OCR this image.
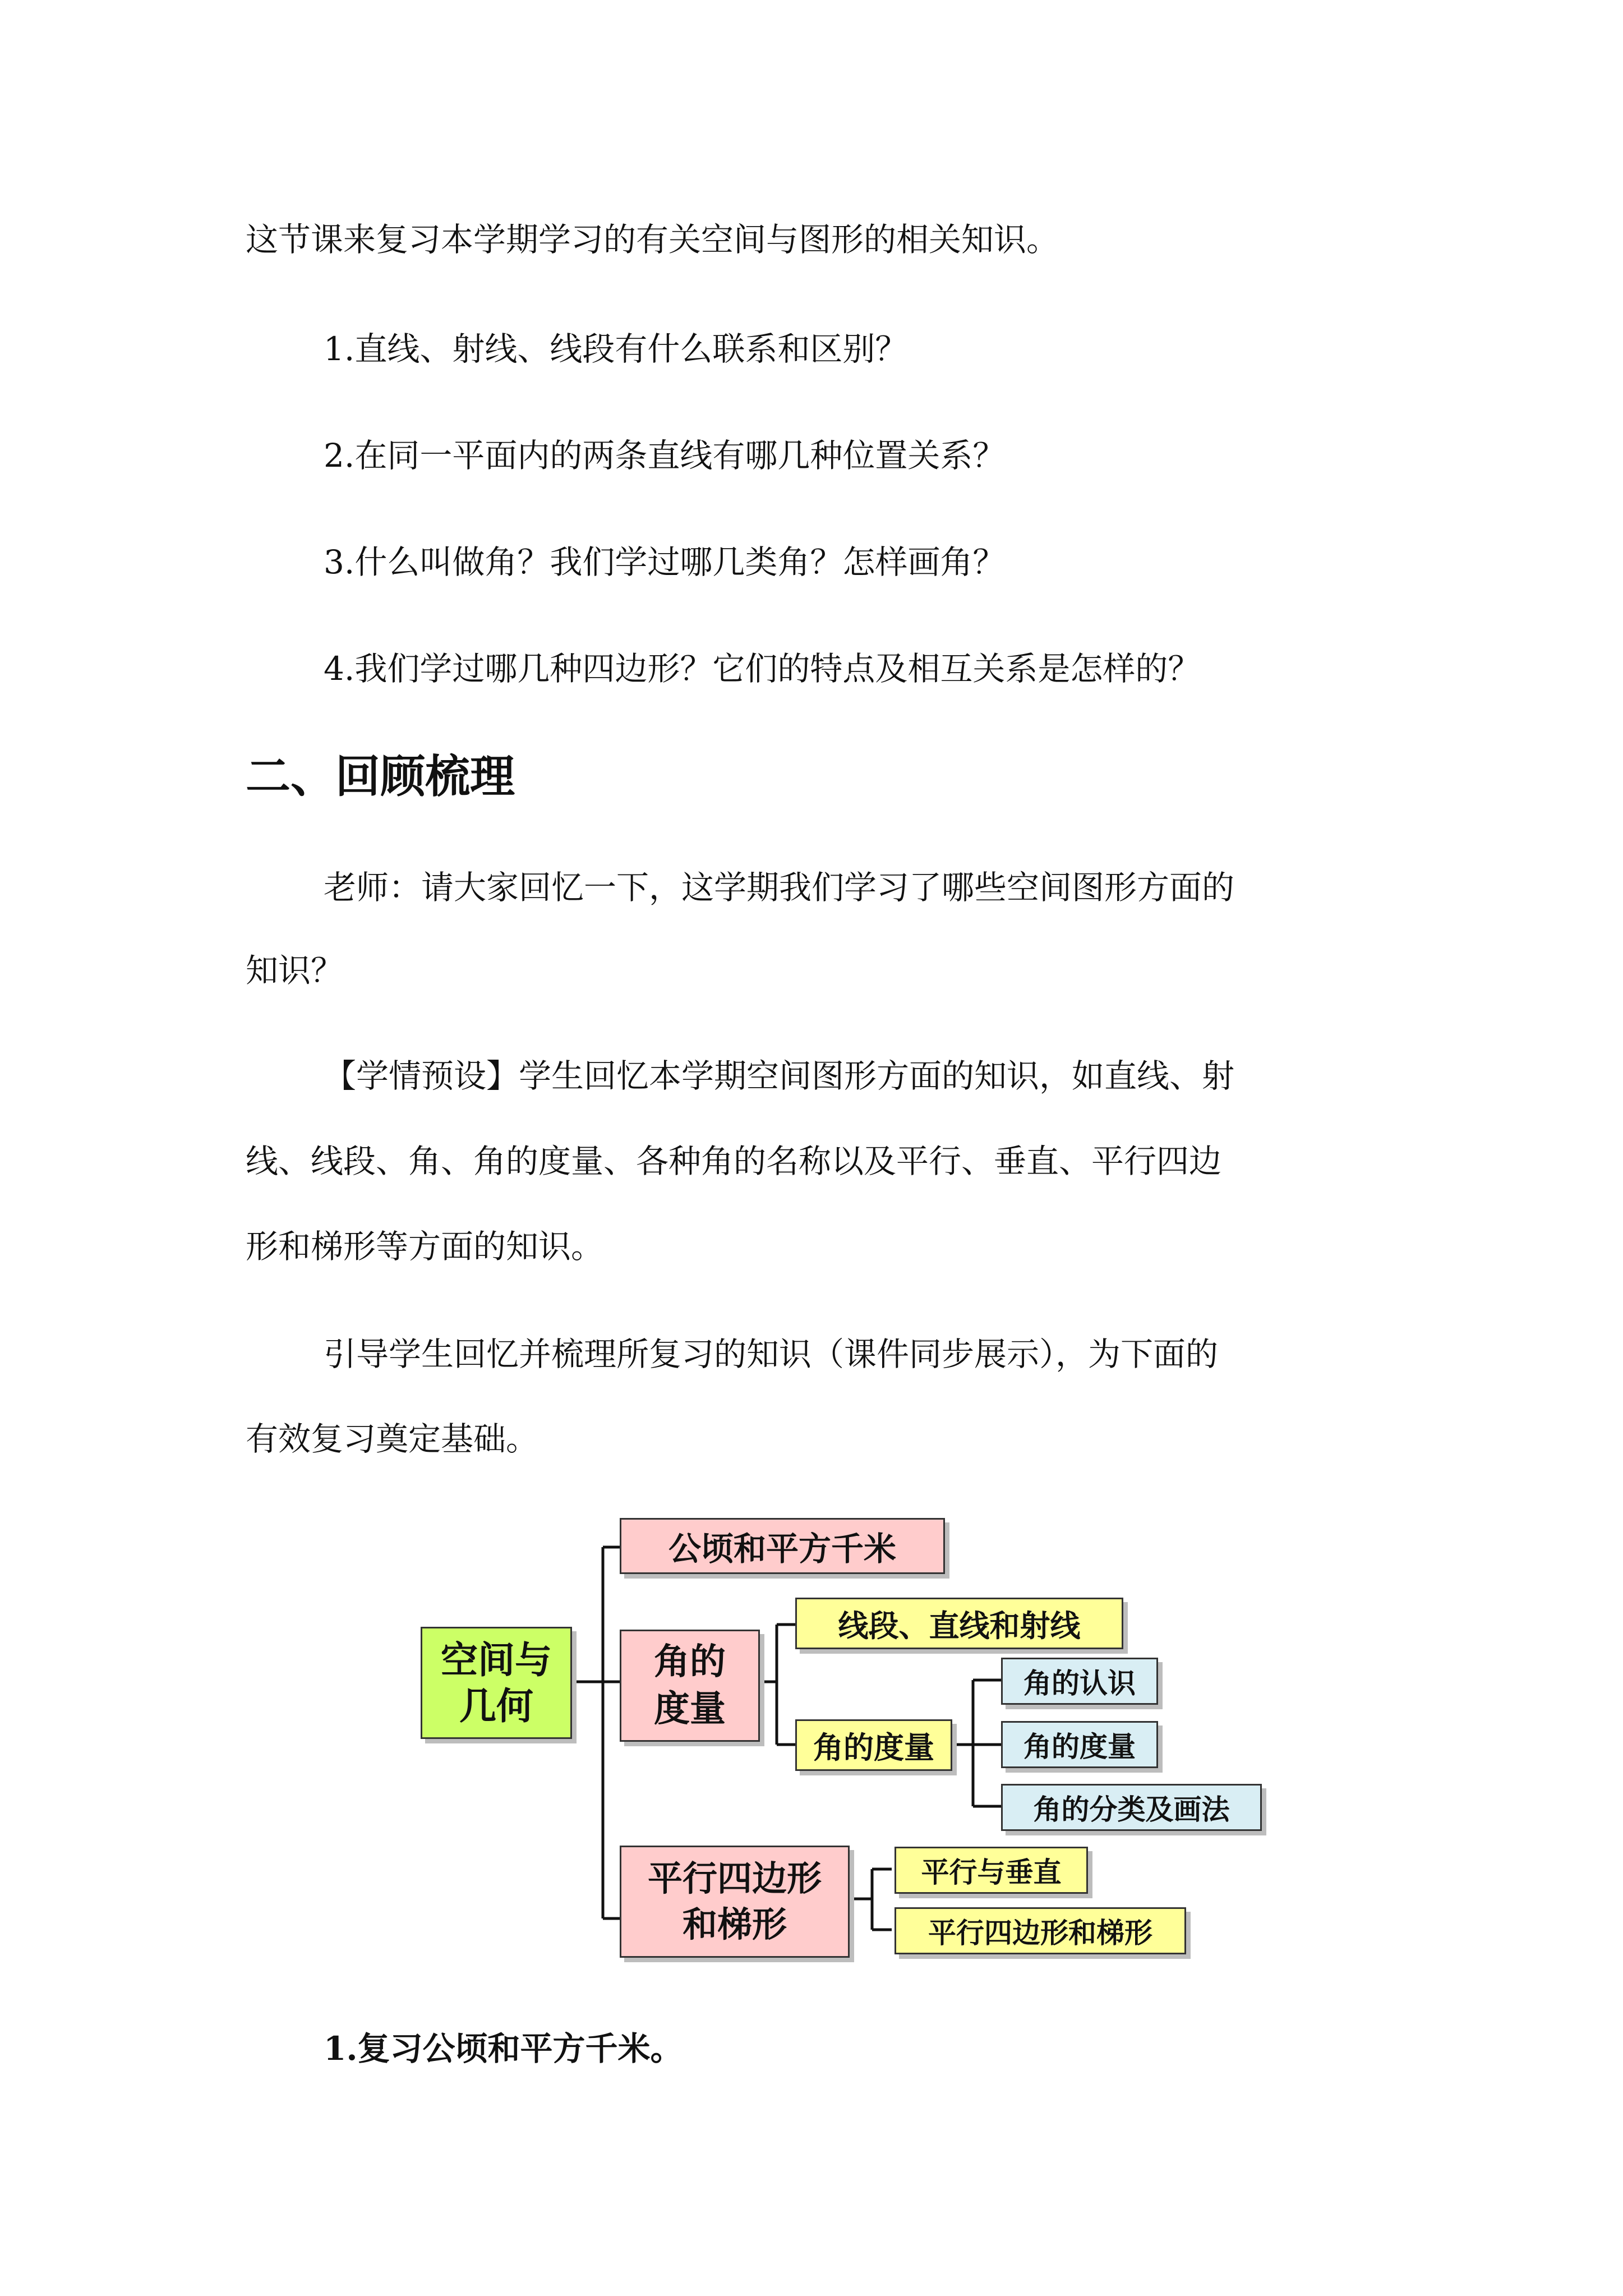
这节课来复习本学期学习的有关空间与图形的相关知识。
1.直线、射线、线段有什么联系和区别？
2.在同一平面内的两条直线有哪几种位置关系？
3.什么叫做角？我们学过哪几类角？怎样画角？
4.我们学过哪几种四边形？它们的特点及相互关系是怎样的？
二、回顾梳理
老师：请大家回忆一下，这学期我们学习了哪些空间图形方面的
知识？
【学情预设】学生回忆本学期空间图形方面的知识，如直线、射
线、线段、角、角的度量、各种角的名称以及平行、垂直、平行四边
形和梯形等方面的知识。
引导学生回忆并梳理所复习的知识（课件同步展示），为下面的
有效复习奠定基础。
空间与
几何
公顷和平方千米
角的
度量
线段、直线和射线
角的度量
角的认识
角的度量
角的分类及画法
平行四边形
和梯形
平行与垂直
平行四边形和梯形
1.复习公顷和平方千米。
